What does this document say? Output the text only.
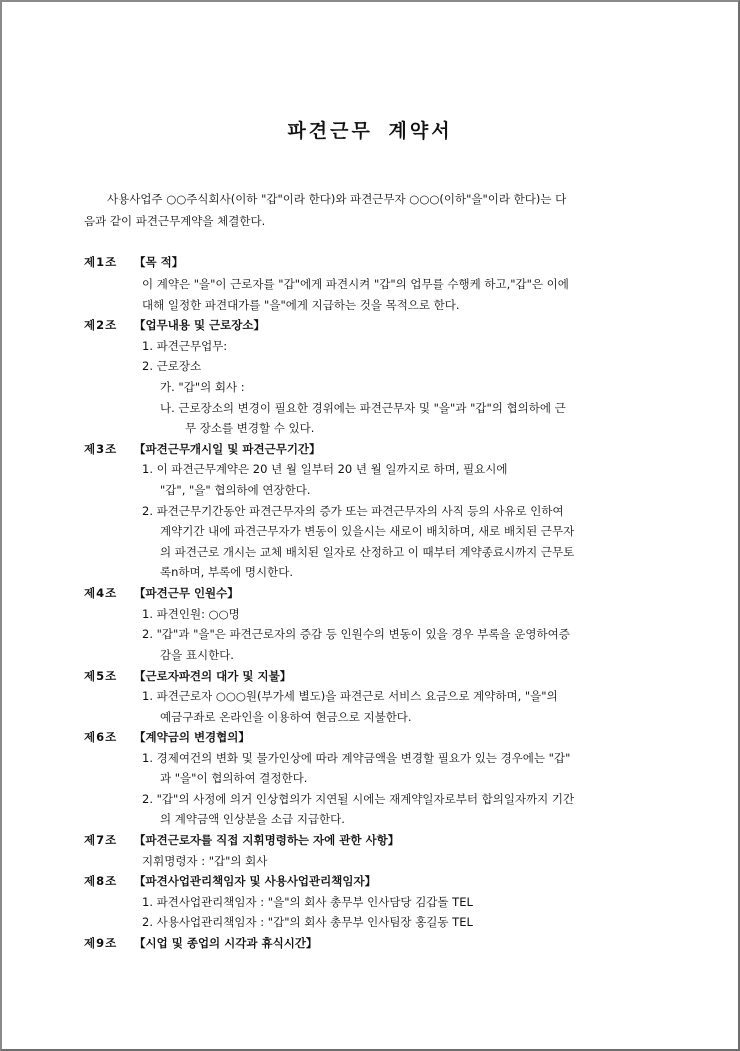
파견근무 계약서
사용사업주 ○○주식회사(이하 "갑"이라 한다)와 파견근무자 ○○○(이하"을"이라 한다)는 다
음과 같이 파견근무계약을 체결한다.
제1조 【목 적】
이 계약은 "을"이 근로자를 "갑"에게 파견시켜 "갑"의 업무를 수행케 하고,"갑"은 이에
대해 일정한 파견대가를 "을"에게 지급하는 것을 목적으로 한다.
제2조 【업무내용 및 근로장소】
1. 파견근무업무:
2. 근로장소
가. "갑"의 회사 :
나. 근로장소의 변경이 필요한 경위에는 파견근무자 및 "을"과 "갑"의 협의하에 근
무 장소를 변경할 수 있다.
제3조 【파견근무개시일 및 파견근무기간】
1. 이 파견근무계약은 20 년 월 일부터 20 년 월 일까지로 하며, 필요시에
"갑", "을" 협의하에 연장한다.
2. 파견근무기간동안 파견근무자의 증가 또는 파견근무자의 사직 등의 사유로 인하여
계약기간 내에 파견근무자가 변동이 있을시는 새로이 배치하며, 새로 배치된 근무자
의 파견근로 개시는 교체 배치된 일자로 산정하고 이 때부터 계약종료시까지 근무토
록n하며, 부록에 명시한다.
제4조 【파견근무 인원수】
1. 파견인원: ○○명
2. "갑"과 "을"은 파견근로자의 증감 등 인원수의 변동이 있을 경우 부록을 운영하여증
감을 표시한다.
제5조 【근로자파견의 대가 및 지불】
1. 파견근로자 ○○○원(부가세 별도)을 파견근로 서비스 요금으로 계약하며, "을"의
예금구좌로 온라인을 이용하여 현금으로 지불한다.
제6조 【계약금의 변경협의】
1. 경제여건의 변화 및 물가인상에 따라 계약금액을 변경할 필요가 있는 경우에는 "갑"
과 "을"이 협의하여 결정한다.
2. "갑"의 사정에 의거 인상협의가 지연될 시에는 재계약일자로부터 합의일자까지 기간
의 계약금액 인상분을 소급 지급한다.
제7조 【파견근로자를 직접 지휘명령하는 자에 관한 사항】
지휘명령자 : "갑"의 회사
제8조 【파견사업관리책임자 및 사용사업관리책임자】
1. 파견사업관리책임자 : "을"의 회사 총무부 인사담당 김갑돌 TEL
2. 사용사업관리책임자 : "갑"의 회사 총무부 인사팀장 홍길동 TEL
제9조 【시업 및 종업의 시각과 휴식시간】
